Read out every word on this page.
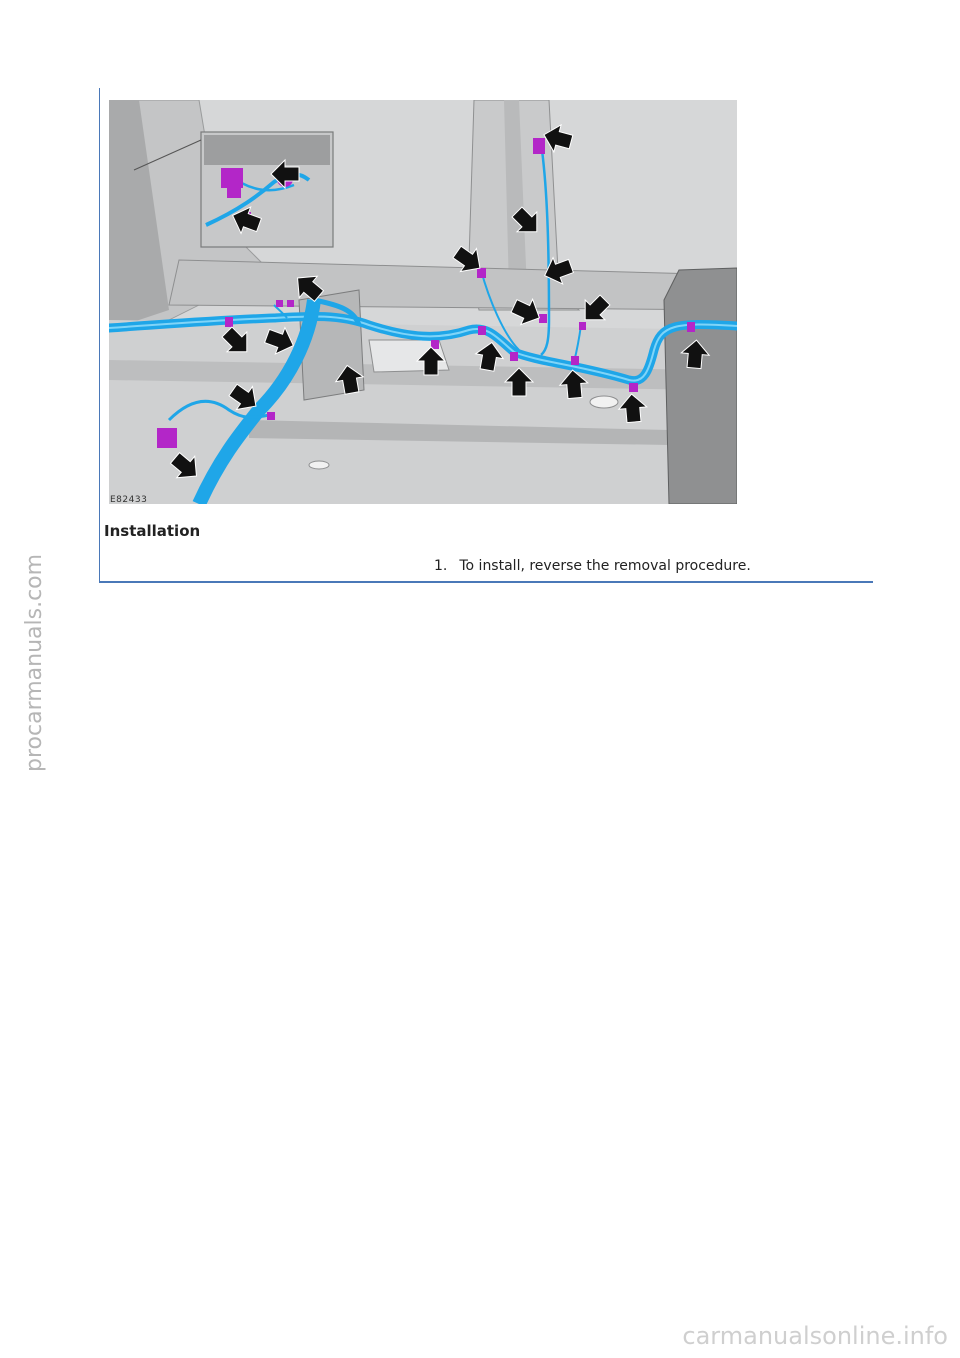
E82433
Installation
1. To install, reverse the removal procedure.
procarmanuals.com
carmanualsonline.info
